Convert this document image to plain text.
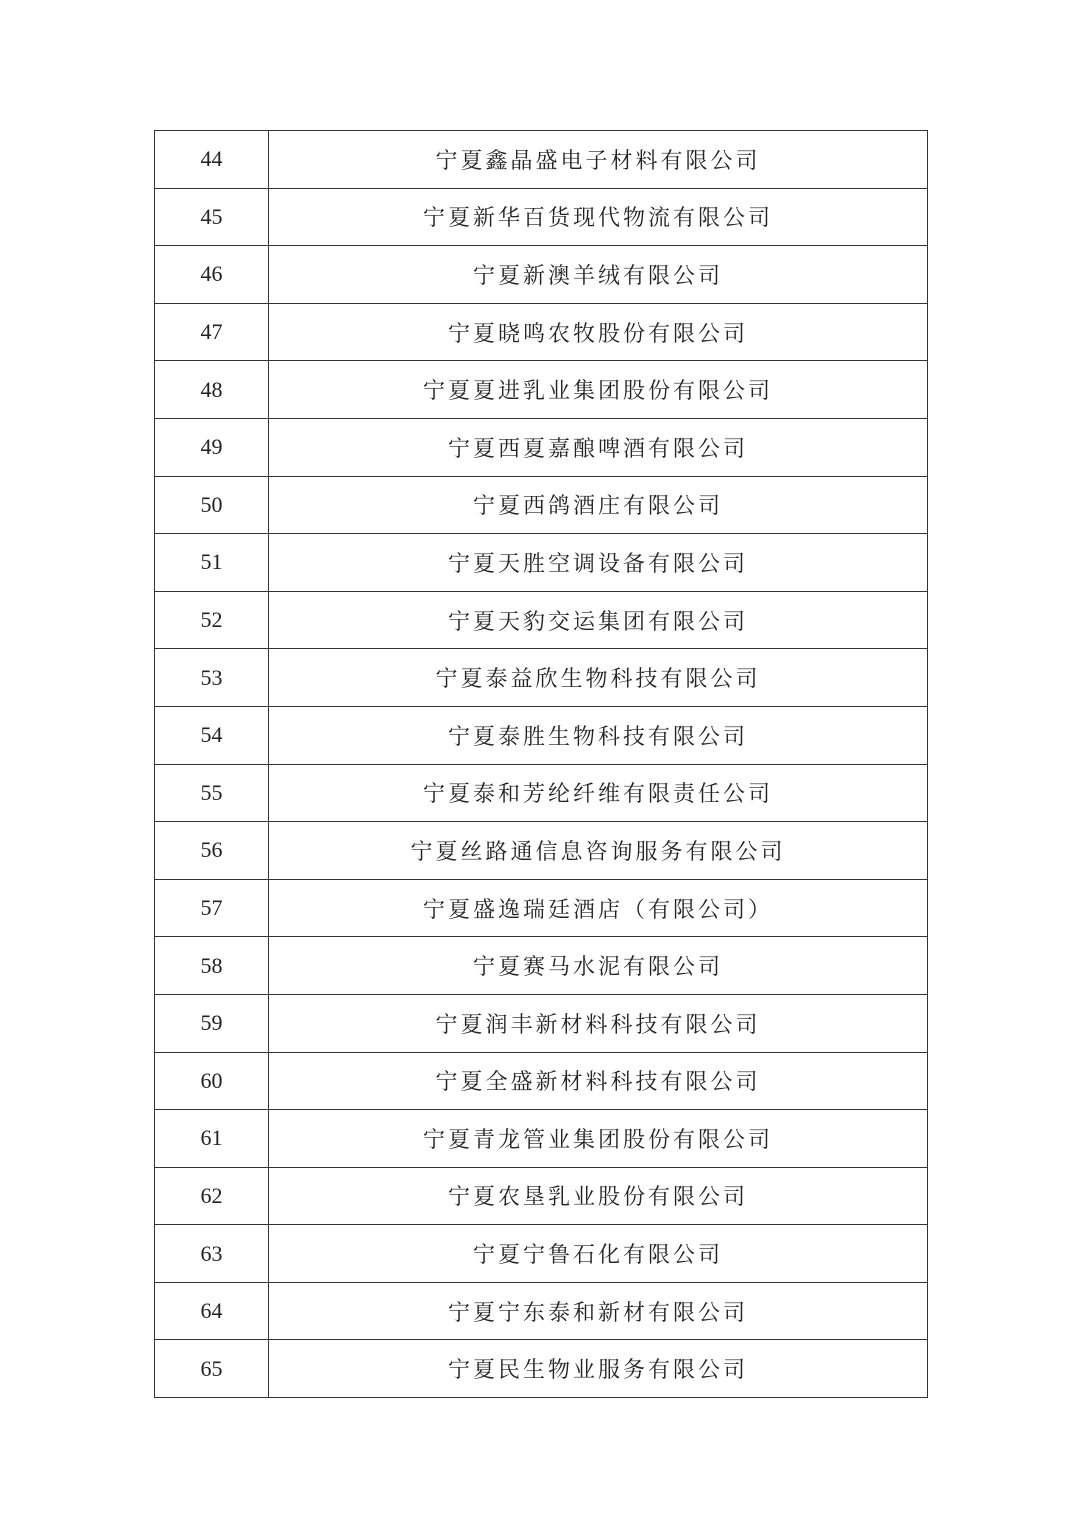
44	宁夏鑫晶盛电子材料有限公司
45	宁夏新华百货现代物流有限公司
46	宁夏新澳羊绒有限公司
47	宁夏晓鸣农牧股份有限公司
48	宁夏夏进乳业集团股份有限公司
49	宁夏西夏嘉酿啤酒有限公司
50	宁夏西鸽酒庄有限公司
51	宁夏天胜空调设备有限公司
52	宁夏天豹交运集团有限公司
53	宁夏泰益欣生物科技有限公司
54	宁夏泰胜生物科技有限公司
55	宁夏泰和芳纶纤维有限责任公司
56	宁夏丝路通信息咨询服务有限公司
57	宁夏盛逸瑞廷酒店（有限公司）
58	宁夏赛马水泥有限公司
59	宁夏润丰新材料科技有限公司
60	宁夏全盛新材料科技有限公司
61	宁夏青龙管业集团股份有限公司
62	宁夏农垦乳业股份有限公司
63	宁夏宁鲁石化有限公司
64	宁夏宁东泰和新材有限公司
65	宁夏民生物业服务有限公司
